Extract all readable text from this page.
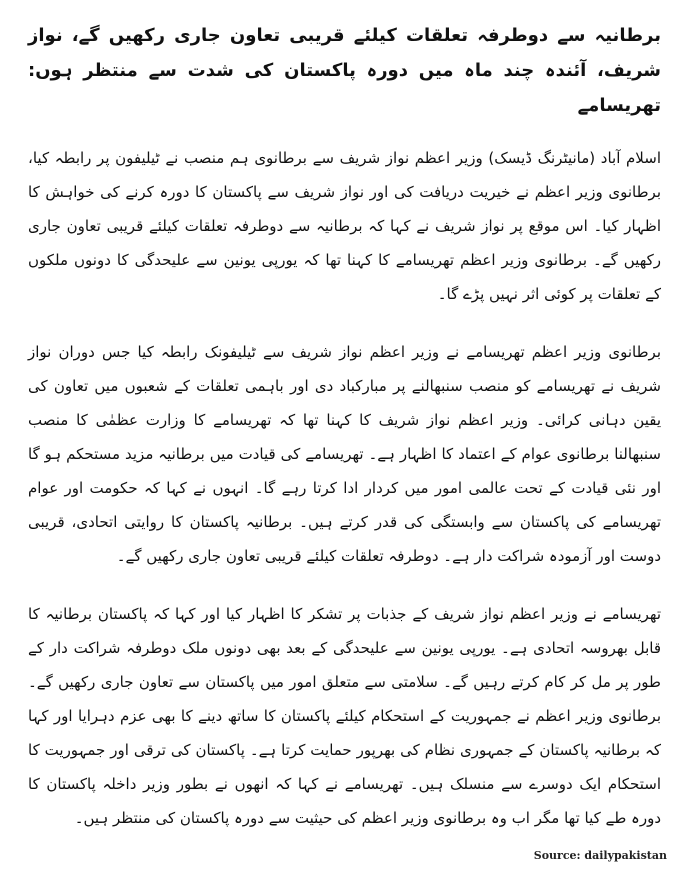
برطانیہ سے دوطرفہ تعلقات کیلئے قریبی تعاون جاری رکھیں گے، نواز شریف، آئندہ چند ماہ میں دورہ پاکستان کی شدت سے منتظر ہوں: تھریسامے

اسلام آباد (مانیٹرنگ ڈیسک) وزیر اعظم نواز شریف سے برطانوی ہم منصب نے ٹیلیفون پر رابطہ کیا، برطانوی وزیر اعظم نے خیریت دریافت کی اور نواز شریف سے پاکستان کا دورہ کرنے کی خواہش کا اظہار کیا۔ اس موقع پر نواز شریف نے کہا کہ برطانیہ سے دوطرفہ تعلقات کیلئے قریبی تعاون جاری رکھیں گے۔ برطانوی وزیر اعظم تھریسامے کا کہنا تھا کہ یورپی یونین سے علیحدگی کا دونوں ملکوں کے تعلقات پر کوئی اثر نہیں پڑے گا۔

برطانوی وزیر اعظم تھریسامے نے وزیر اعظم نواز شریف سے ٹیلیفونک رابطہ کیا جس دوران نواز شریف نے تھریسامے کو منصب سنبھالنے پر مبارکباد دی اور باہمی تعلقات کے شعبوں میں تعاون کی یقین دہانی کرائی۔ وزیر اعظم نواز شریف کا کہنا تھا کہ تھریسامے کا وزارت عظمٰی کا منصب سنبھالنا برطانوی عوام کے اعتماد کا اظہار ہے۔ تھریسامے کی قیادت میں برطانیہ مزید مستحکم ہو گا اور نئی قیادت کے تحت عالمی امور میں کردار ادا کرتا رہے گا۔ انہوں نے کہا کہ حکومت اور عوام تھریسامے کی پاکستان سے وابستگی کی قدر کرتے ہیں۔ برطانیہ پاکستان کا روایتی اتحادی، قریبی دوست اور آزمودہ شراکت دار ہے۔ دوطرفہ تعلقات کیلئے قریبی تعاون جاری رکھیں گے۔

تھریسامے نے وزیر اعظم نواز شریف کے جذبات پر تشکر کا اظہار کیا اور کہا کہ پاکستان برطانیہ کا قابل بھروسہ اتحادی ہے۔ یورپی یونین سے علیحدگی کے بعد بھی دونوں ملک دوطرفہ شراکت دار کے طور پر مل کر کام کرتے رہیں گے۔ سلامتی سے متعلق امور میں پاکستان سے تعاون جاری رکھیں گے۔ برطانوی وزیر اعظم نے جمہوریت کے استحکام کیلئے پاکستان کا ساتھ دینے کا بھی عزم دہرایا اور کہا کہ برطانیہ پاکستان کے جمہوری نظام کی بھرپور حمایت کرتا ہے۔ پاکستان کی ترقی اور جمہوریت کا استحکام ایک دوسرے سے منسلک ہیں۔ تھریسامے نے کہا کہ انھوں نے بطور وزیر داخلہ پاکستان کا دورہ طے کیا تھا مگر اب وہ برطانوی وزیر اعظم کی حیثیت سے دورہ پاکستان کی منتظر ہیں۔

Source: dailypakistan
